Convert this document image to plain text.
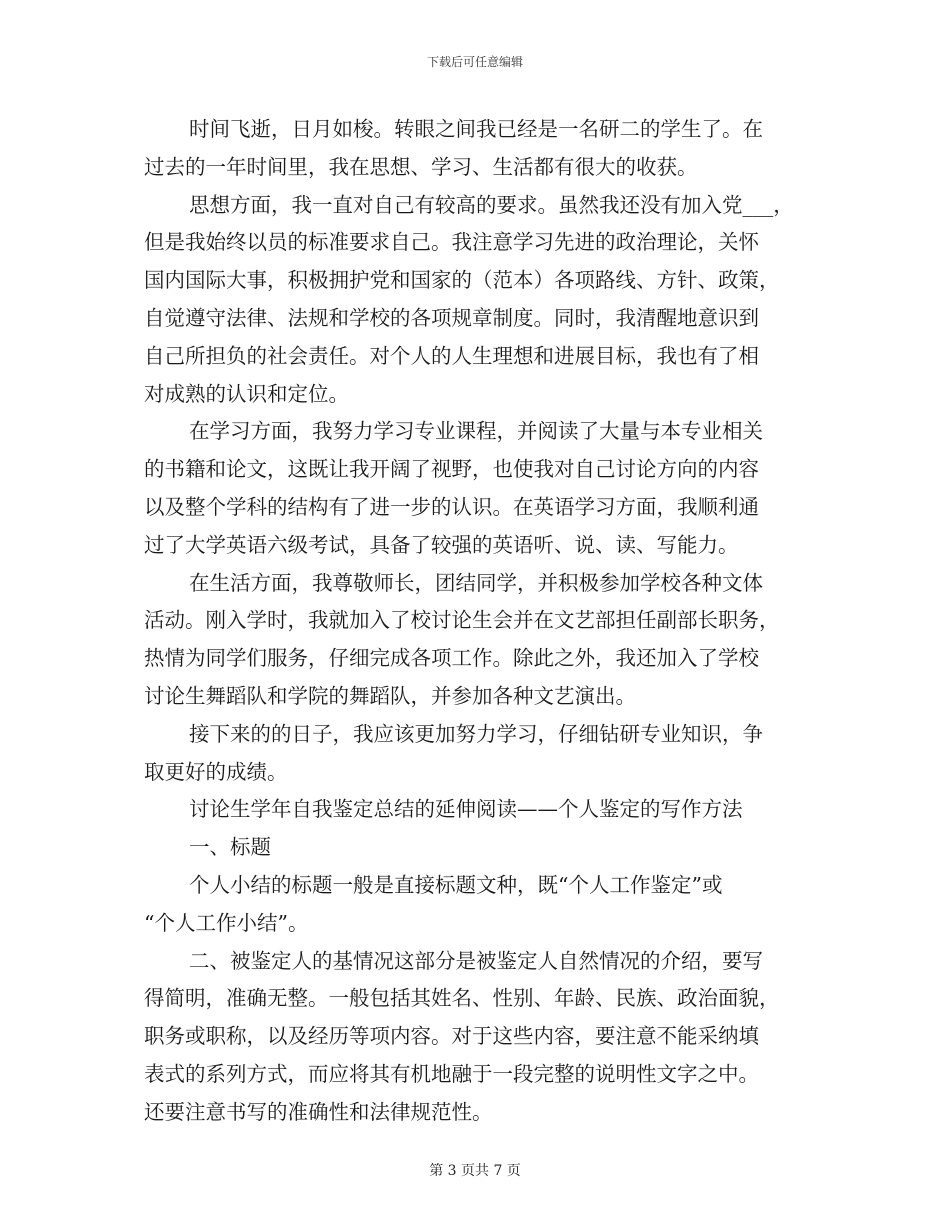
下载后可任意编辑
时间飞逝，日月如梭。转眼之间我已经是一名研二的学生了。在
过去的一年时间里，我在思想、学习、生活都有很大的收获。
思想方面，我一直对自己有较高的要求。虽然我还没有加入党___，
但是我始终以员的标准要求自己。我注意学习先进的政治理论，关怀
国内国际大事，积极拥护党和国家的（范本）各项路线、方针、政策，
自觉遵守法律、法规和学校的各项规章制度。同时，我清醒地意识到
自己所担负的社会责任。对个人的人生理想和进展目标，我也有了相
对成熟的认识和定位。
在学习方面，我努力学习专业课程，并阅读了大量与本专业相关
的书籍和论文，这既让我开阔了视野，也使我对自己讨论方向的内容
以及整个学科的结构有了进一步的认识。在英语学习方面，我顺利通
过了大学英语六级考试，具备了较强的英语听、说、读、写能力。
在生活方面，我尊敬师长，团结同学，并积极参加学校各种文体
活动。刚入学时，我就加入了校讨论生会并在文艺部担任副部长职务，
热情为同学们服务，仔细完成各项工作。除此之外，我还加入了学校
讨论生舞蹈队和学院的舞蹈队，并参加各种文艺演出。
接下来的的日子，我应该更加努力学习，仔细钻研专业知识，争
取更好的成绩。
讨论生学年自我鉴定总结的延伸阅读——个人鉴定的写作方法
一、标题
个人小结的标题一般是直接标题文种，既“个人工作鉴定”或
“个人工作小结”。
二、被鉴定人的基情况这部分是被鉴定人自然情况的介绍，要写
得简明，准确无整。一般包括其姓名、性别、年龄、民族、政治面貌，
职务或职称，以及经历等项内容。对于这些内容，要注意不能采纳填
表式的系列方式，而应将其有机地融于一段完整的说明性文字之中。
还要注意书写的准确性和法律规范性。
第 3 页共 7 页
